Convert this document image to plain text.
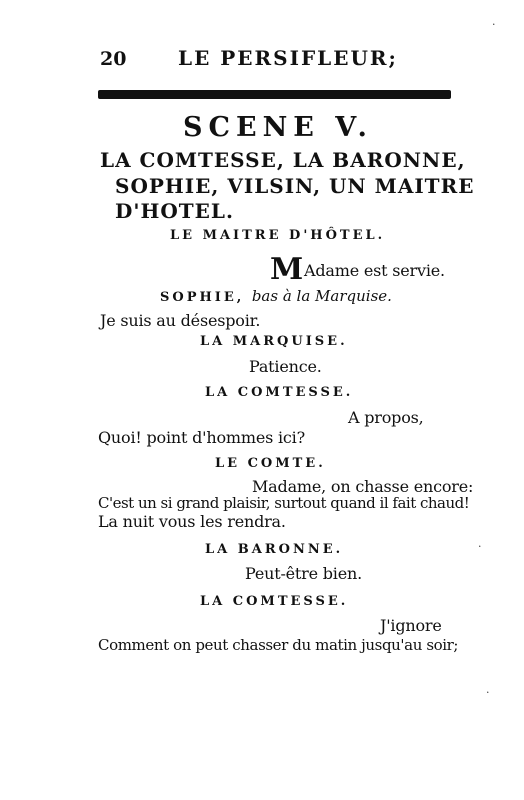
20	LE PERSIFLEUR;
SCENE V.
LA COMTESSE, LA BARONNE,
SOPHIE, VILSIN, UN MAITRE
D'HOTEL.
LE MAITRE D'HÔTEL.
MAdame est servie.
SOPHIE, bas à la Marquise.
Je suis au désespoir.
LA MARQUISE.
Patience.
LA COMTESSE.
A propos,
Quoi! point d'hommes ici?
LE COMTE.
Madame, on chasse encore:
C'est un si grand plaisir, surtout quand il fait chaud!
La nuit vous les rendra.
LA BARONNE.
Peut-être bien.
LA COMTESSE.
J'ignore
Comment on peut chasser du matin jusqu'au soir;
·
·
·
